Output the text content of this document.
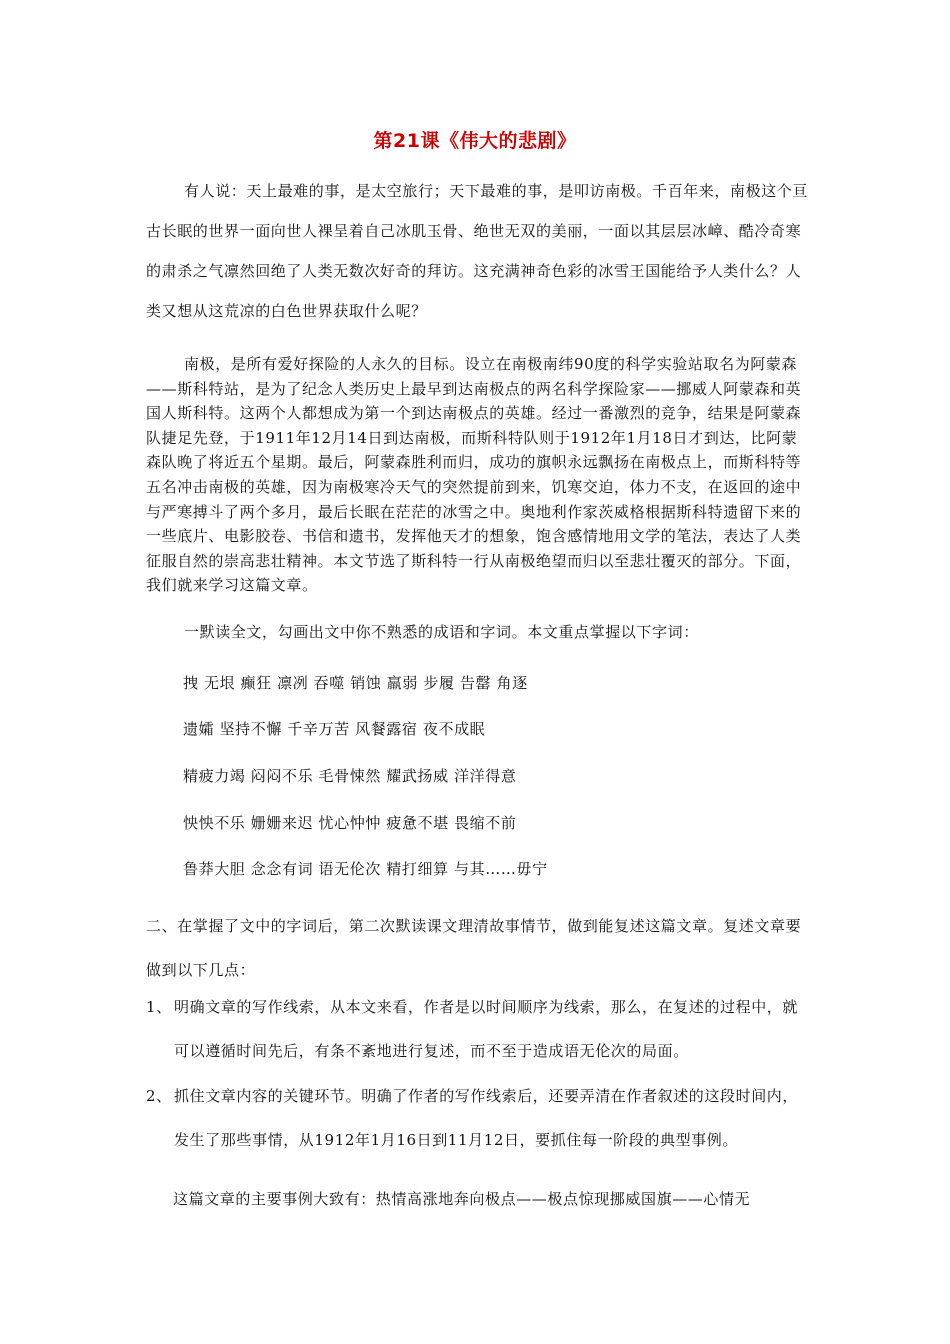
第21课《伟大的悲剧》
有人说：天上最难的事，是太空旅行；天下最难的事，是叩访南极。千百年来，南极这个亘古长眠的世界一面向世人裸呈着自己冰肌玉骨、绝世无双的美丽，一面以其层层冰嶂、酷冷奇寒的肃杀之气凛然回绝了人类无数次好奇的拜访。这充满神奇色彩的冰雪王国能给予人类什么？人类又想从这荒凉的白色世界获取什么呢？
南极，是所有爱好探险的人永久的目标。设立在南极南纬90度的科学实验站取名为阿蒙森——斯科特站，是为了纪念人类历史上最早到达南极点的两名科学探险家——挪威人阿蒙森和英国人斯科特。这两个人都想成为第一个到达南极点的英雄。经过一番激烈的竞争，结果是阿蒙森队捷足先登，于1911年12月14日到达南极，而斯科特队则于1912年1月18日才到达，比阿蒙森队晚了将近五个星期。最后，阿蒙森胜利而归，成功的旗帜永远飘扬在南极点上，而斯科特等五名冲击南极的英雄，因为南极寒冷天气的突然提前到来，饥寒交迫，体力不支，在返回的途中与严寒搏斗了两个多月，最后长眠在茫茫的冰雪之中。奥地利作家茨威格根据斯科特遗留下来的一些底片、电影胶卷、书信和遗书，发挥他天才的想象，饱含感情地用文学的笔法，表达了人类征服自然的崇高悲壮精神。本文节选了斯科特一行从南极绝望而归以至悲壮覆灭的部分。下面， 我们就来学习这篇文章。
一默读全文，勾画出文中你不熟悉的成语和字词。本文重点掌握以下字词：
拽 无垠 癫狂 凛冽 吞噬 销蚀 羸弱 步履 告罄 角逐
遗孀 坚持不懈 千辛万苦 风餐露宿 夜不成眠
精疲力竭 闷闷不乐 毛骨悚然 耀武扬威 洋洋得意
怏怏不乐 姗姗来迟 忧心忡忡 疲惫不堪 畏缩不前
鲁莽大胆 念念有词 语无伦次 精打细算 与其……毋宁
二、在掌握了文中的字词后，第二次默读课文理清故事情节，做到能复述这篇文章。复述文章要做到以下几点：
1、 明确文章的写作线索，从本文来看，作者是以时间顺序为线索，那么，在复述的过程中，就可以遵循时间先后，有条不紊地进行复述，而不至于造成语无伦次的局面。
2、 抓住文章内容的关键环节。明确了作者的写作线索后，还要弄清在作者叙述的这段时间内，发生了那些事情，从1912年1月16日到11月12日，要抓住每一阶段的典型事例。
这篇文章的主要事例大致有：热情高涨地奔向极点——极点惊现挪威国旗——心情无
